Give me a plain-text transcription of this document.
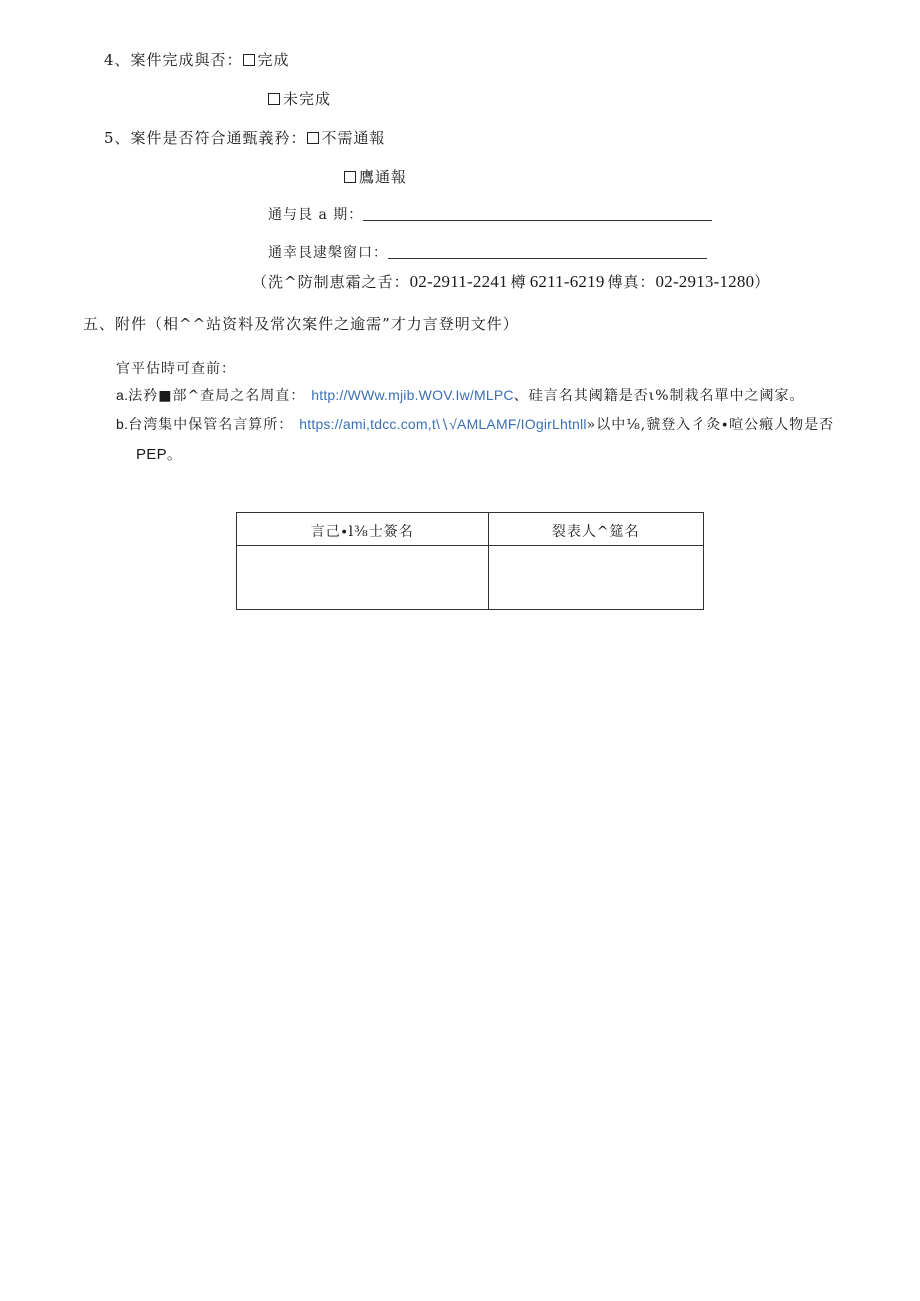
4、案件完成與否： 完成
未完成
5、案件是否符合通甄義矜： 不需通報
鷹通報
通与艮 a 期：
通幸艮逮槃窗口：
（洗^防制恵霜之舌：02-2911-2241 樽 6211-6219 傅真：02-2913-1280）
五、附件（相^^站资料及常次案件之逾需”才力言登明文件）
官平估時可查前：
a.法矜■部^查局之名周直： http://WWw.mjib.WOV.Iw/MLPC、硅言名其阈籍是否ι%制栽名單中之阈家。
b.台湾集中保管名言算所： https://ami,tdcc.com,t\∖√AMLAMF/IOgirLhtnll»以中⅛,虢登入彳灸∙喧公瘢人物是否
PEP。
言己∙l⅜士簽名	裂表人^筵名
